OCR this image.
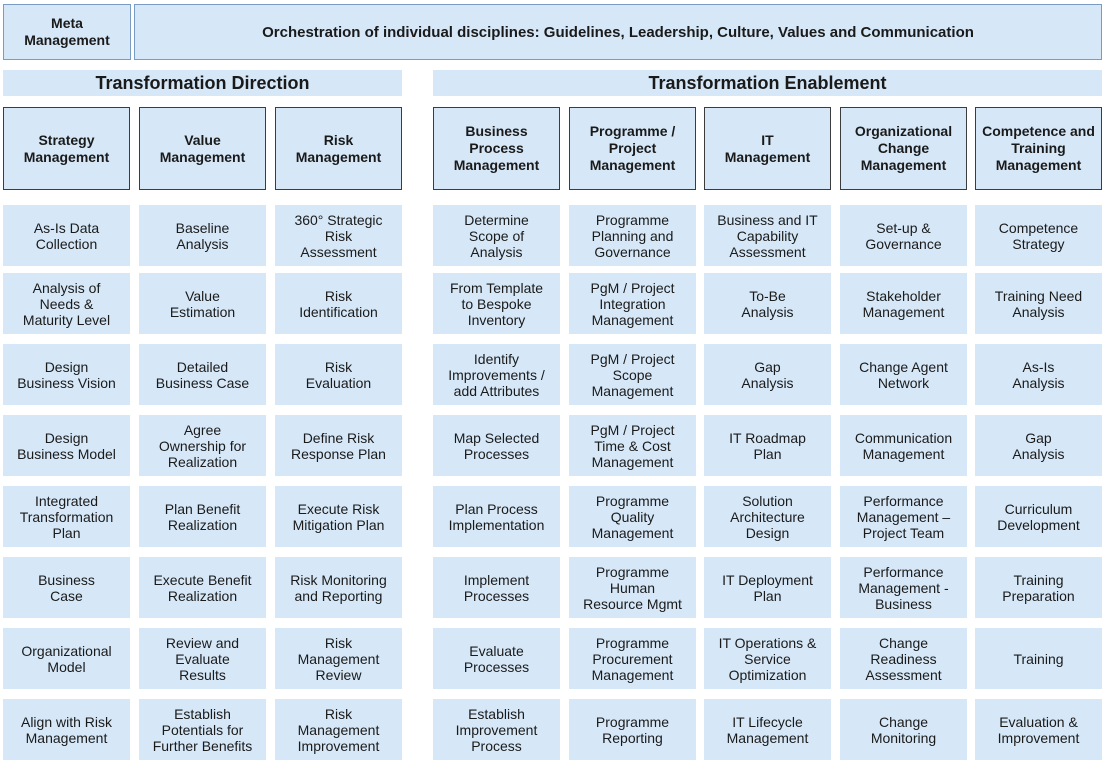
Meta
Management	Orchestration of individual disciplines: Guidelines, Leadership, Culture, Values and Communication
Transformation Direction	Transformation Enablement
Strategy
Management
As-Is Data
Collection
Analysis of
Needs &
Maturity Level
Design
Business Vision
Design
Business Model
Integrated
Transformation
Plan
Business
Case
Organizational
Model
Align with Risk
Management
Value
Management
Baseline
Analysis
Value
Estimation
Detailed
Business Case
Agree
Ownership for
Realization
Plan Benefit
Realization
Execute Benefit
Realization
Review and
Evaluate
Results
Establish
Potentials for
Further Benefits
Risk
Management
360° Strategic
Risk
Assessment
Risk
Identification
Risk
Evaluation
Define Risk
Response Plan
Execute Risk
Mitigation Plan
Risk Monitoring
and Reporting
Risk
Management
Review
Risk
Management
Improvement
Business
Process
Management
Determine
Scope of
Analysis
From Template
to Bespoke
Inventory
Identify
Improvements /
add Attributes
Map Selected
Processes
Plan Process
Implementation
Implement
Processes
Evaluate
Processes
Establish
Improvement
Process
Programme /
Project
Management
Programme
Planning and
Governance
PgM / Project
Integration
Management
PgM / Project
Scope
Management
PgM / Project
Time & Cost
Management
Programme
Quality
Management
Programme
Human
Resource Mgmt
Programme
Procurement
Management
Programme
Reporting
IT
Management
Business and IT
Capability
Assessment
To-Be
Analysis
Gap
Analysis
IT Roadmap
Plan
Solution
Architecture
Design
IT Deployment
Plan
IT Operations &
Service
Optimization
IT Lifecycle
Management
Organizational
Change
Management
Set-up &
Governance
Stakeholder
Management
Change Agent
Network
Communication
Management
Performance
Management –
Project Team
Performance
Management -
Business
Change
Readiness
Assessment
Change
Monitoring
Competence and
Training
Management
Competence
Strategy
Training Need
Analysis
As-Is
Analysis
Gap
Analysis
Curriculum
Development
Training
Preparation
Training
Evaluation &
Improvement
